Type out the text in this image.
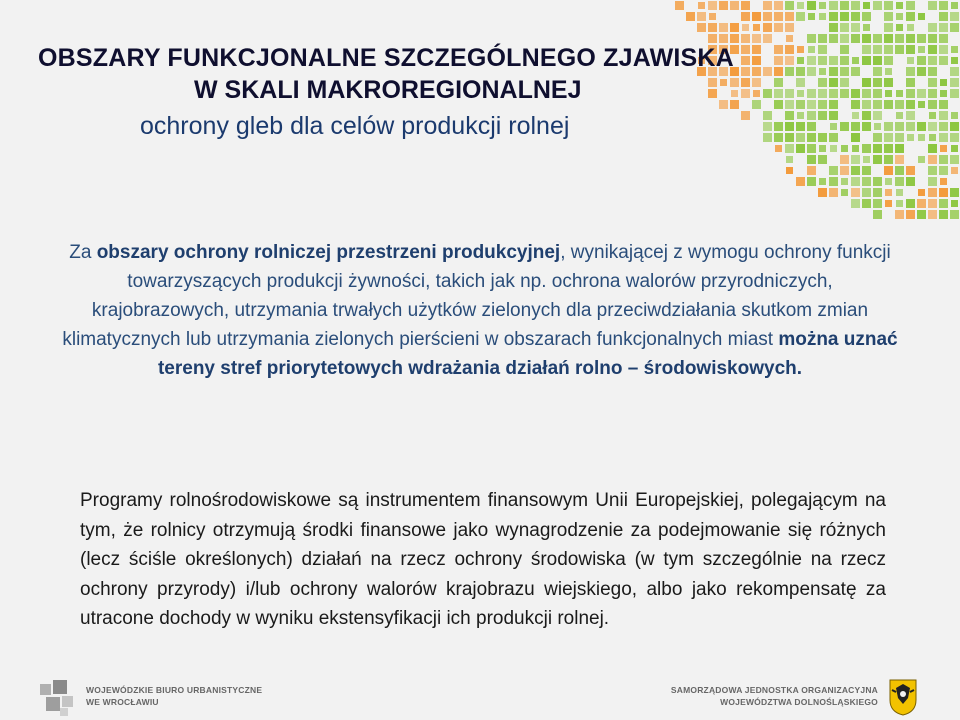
OBSZARY FUNKCJONALNE SZCZEGÓLNEGO ZJAWISKA
W SKALI MAKROREGIONALNEJ
ochrony gleb dla celów produkcji rolnej
Za obszary ochrony rolniczej przestrzeni produkcyjnej, wynikającej z wymogu ochrony funkcji towarzyszących produkcji żywności, takich jak np. ochrona walorów przyrodniczych, krajobrazowych, utrzymania trwałych użytków zielonych dla przeciwdziałania skutkom zmian klimatycznych lub utrzymania zielonych pierścieni w obszarach funkcjonalnych miast można uznać tereny stref priorytetowych wdrażania działań rolno – środowiskowych.
Programy rolnośrodowiskowe są instrumentem finansowym Unii Europejskiej, polegającym na tym, że rolnicy otrzymują środki finansowe jako wynagrodzenie za podejmowanie się różnych (lecz ściśle określonych) działań na rzecz ochrony środowiska (w tym szczególnie na rzecz ochrony przyrody) i/lub ochrony walorów krajobrazu wiejskiego, albo jako rekompensatę za utracone dochody w wyniku ekstensyfikacji ich produkcji rolnej.
WOJEWÓDZKIE BIURO URBANISTYCZNE
WE WROCŁAWIU
SAMORZĄDOWA JEDNOSTKA ORGANIZACYJNA
WOJEWÓDZTWA DOLNOŚLĄSKIEGO
